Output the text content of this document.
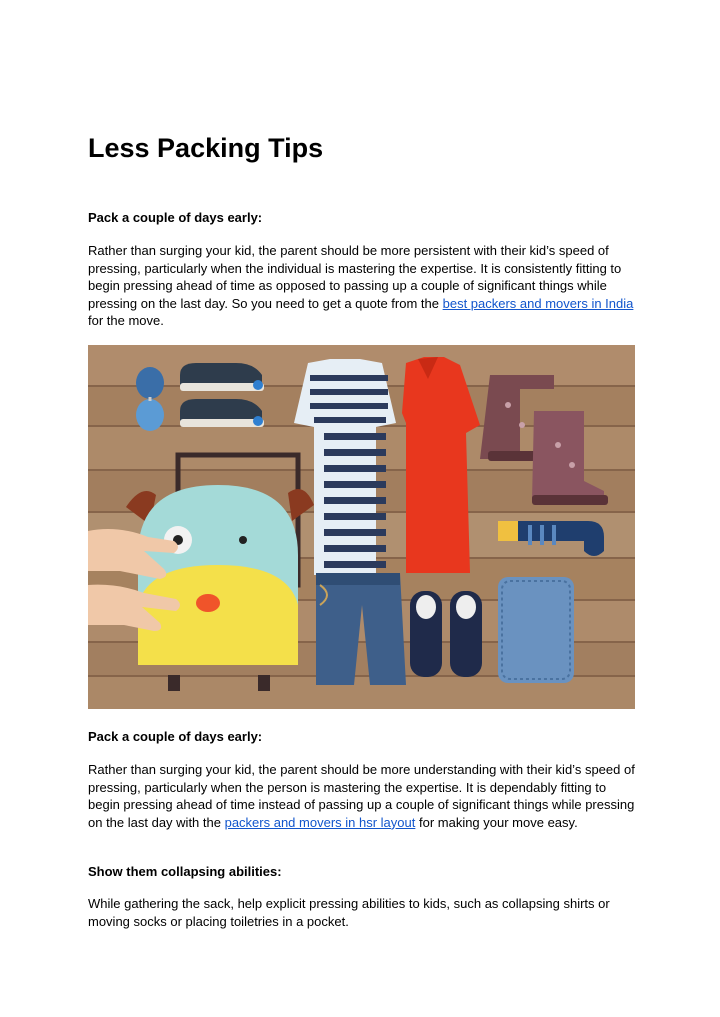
Less Packing Tips

Pack a couple of days early:

Rather than surging your kid, the parent should be more persistent with their kid’s speed of pressing, particularly when the individual is mastering the expertise. It is consistently fitting to begin pressing ahead of time as opposed to passing up a couple of significant things while pressing on the last day. So you need to get a quote from the best packers and movers in India for the move.

Pack a couple of days early:

Rather than surging your kid, the parent should be more understanding with their kid’s speed of pressing, particularly when the person is mastering the expertise. It is dependably fitting to begin pressing ahead of time instead of passing up a couple of significant things while pressing on the last day with the packers and movers in hsr layout for making your move easy.

Show them collapsing abilities:

While gathering the sack, help explicit pressing abilities to kids, such as collapsing shirts or moving socks or placing toiletries in a pocket.
